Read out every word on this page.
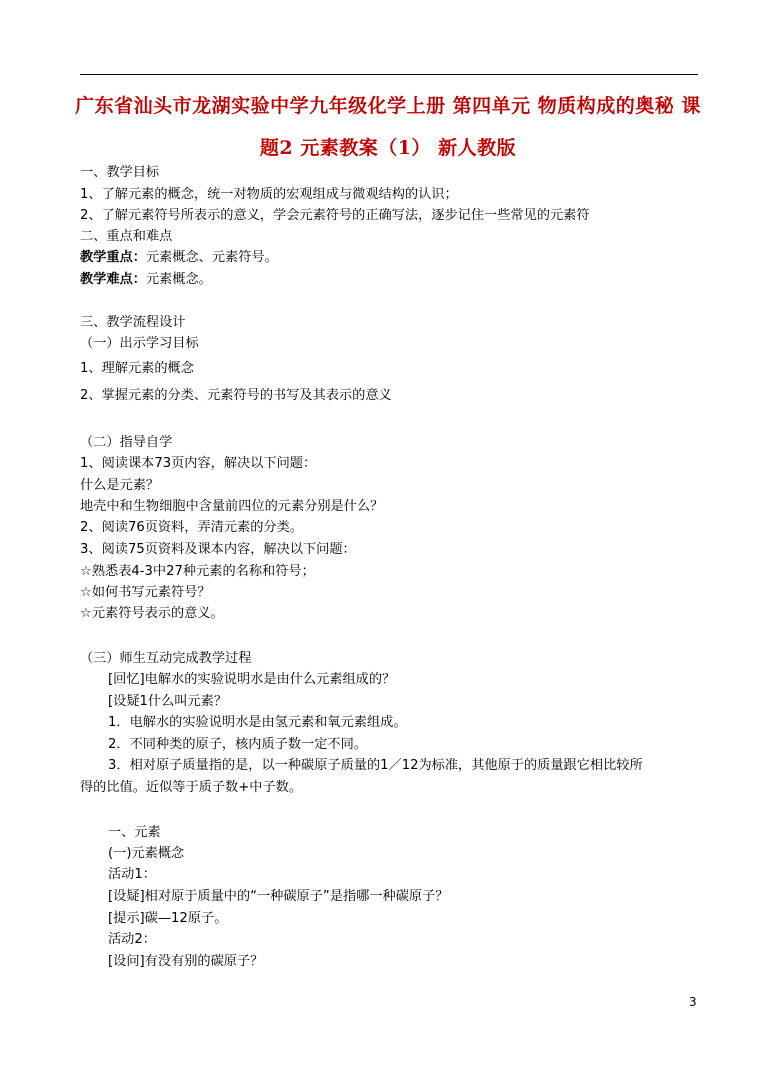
广东省汕头市龙湖实验中学九年级化学上册 第四单元 物质构成的奥秘 课
题2 元素教案（1） 新人教版
一、教学目标
1、了解元素的概念，统一对物质的宏观组成与微观结构的认识；
2、了解元素符号所表示的意义，学会元素符号的正确写法，逐步记住一些常见的元素符
二、重点和难点
教学重点：元素概念、元素符号。
教学难点：元素概念。
三、教学流程设计
（一）出示学习目标
1、理解元素的概念
2、掌握元素的分类、元素符号的书写及其表示的意义
（二）指导自学
1、阅读课本73页内容，解决以下问题：
什么是元素？
地壳中和生物细胞中含量前四位的元素分别是什么？
2、阅读76页资料，弄清元素的分类。
3、阅读75页资料及课本内容，解决以下问题：
☆熟悉表4-3中27种元素的名称和符号；
☆如何书写元素符号？
☆元素符号表示的意义。
（三）师生互动完成教学过程
[回忆]电解水的实验说明水是由什么元素组成的？
[设疑1什么叫元素？
1．电解水的实验说明水是由氢元素和氧元素组成。
2．不同种类的原子，核内质子数一定不同。
3．相对原子质量指的是，以一种碳原子质量的1／12为标准，其他原于的质量跟它相比较所
得的比值。近似等于质子数+中子数。
一、元素
(一)元素概念
活动1：
[设疑]相对原于质量中的“一种碳原子”是指哪一种碳原子？
[提示]碳—12原子。
活动2：
[设问]有没有别的碳原子？
3
